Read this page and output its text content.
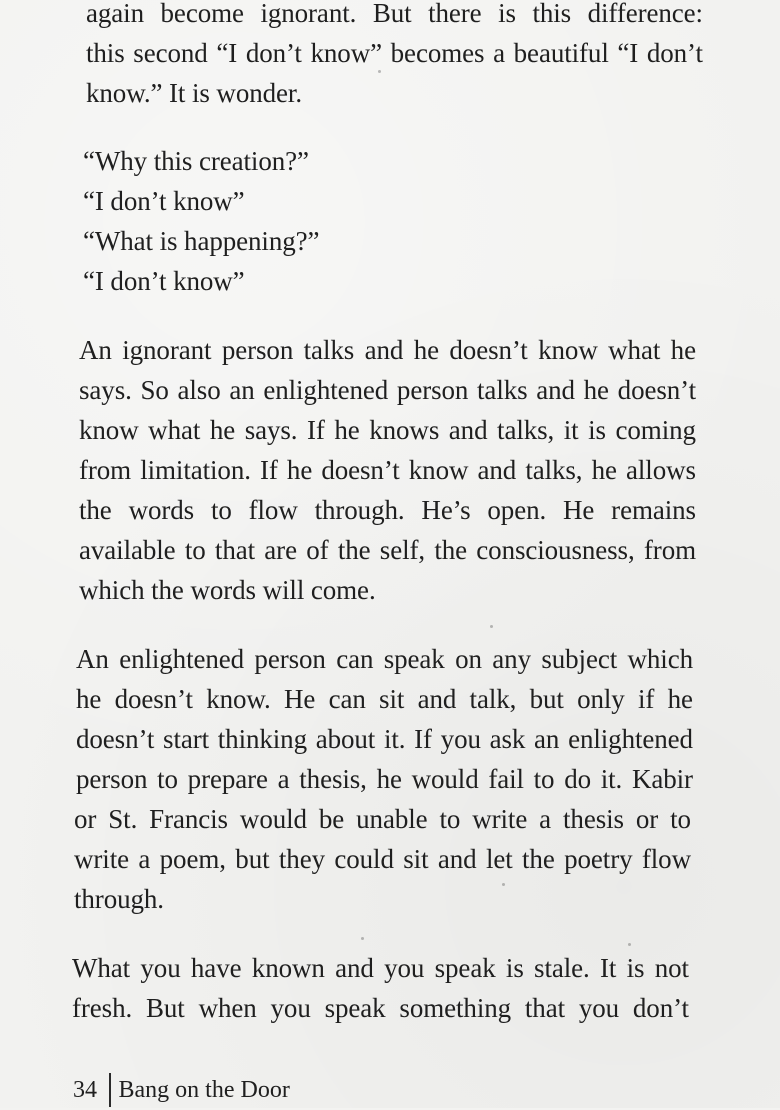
again become ignorant. But there is this difference:
this second “I don’t know” becomes a beautiful “I don’t

know.” It is wonder.

“Why this creation?”

“I don’t know”

“What is happening?”

“I don’t know”

An ignorant person talks and he doesn’t know what he
says. So also an enlightened person talks and he doesn’t
know what he says. If he knows and talks, it is coming
from limitation. If he doesn’t know and talks, he allows
the words to flow through. He’s open. He remains
available to that are of the self, the consciousness, from

which the words will come.

An enlightened person can speak on any subject which
he doesn’t know. He can sit and talk, but only if he
doesn’t start thinking about it. If you ask an enlightened
person to prepare a thesis, he would fail to do it. Kabir
or St. Francis would be unable to write a thesis or to
write a poem, but they could sit and let the poetry flow

through.

What you have known and you speak is stale. It is not
fresh. But when you speak something that you don’t
34 Bang on the Door
